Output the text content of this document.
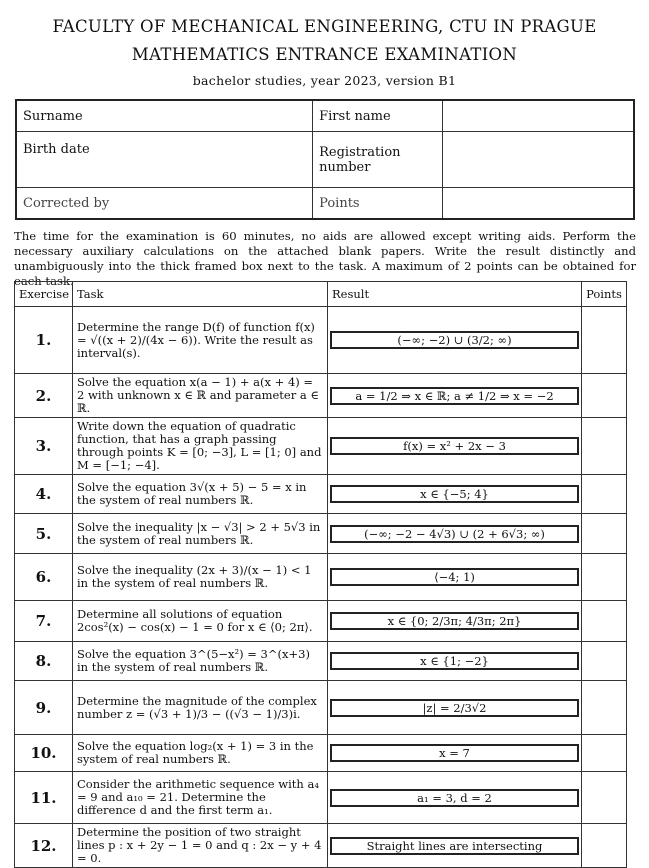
FACULTY OF MECHANICAL ENGINEERING, CTU IN PRAGUE
MATHEMATICS ENTRANCE EXAMINATION
bachelor studies, year 2023, version B1
Surname	First name	
Birth date	Registration number	
Corrected by	Points	
The time for the examination is 60 minutes, no aids are allowed except writing aids. Perform the necessary auxiliary calculations on the attached blank papers. Write the result distinctly and unambiguously into the thick framed box next to the task. A maximum of 2 points can be obtained for each task.
Exercise	Task	Result	Points
1.	Determine the range D(f) of function f(x) = √((x + 2)/(4x − 6)). Write the result as interval(s).	(−∞; −2) ∪ (3/2; ∞)	

2.	Solve the equation x(a − 1) + a(x + 4) = 2 with unknown x ∈ ℝ and parameter a ∈ ℝ.	a = 1/2 ⇒ x ∈ ℝ; a ≠ 1/2 ⇒ x = −2	

3.	Write down the equation of quadratic function, that has a graph passing through points K = [0; −3], L = [1; 0] and M = [−1; −4].	f(x) = x² + 2x − 3	

4.	Solve the equation 3√(x + 5) − 5 = x in the system of real numbers ℝ.	x ∈ {−5; 4}	

5.	Solve the inequality |x − √3| > 2 + 5√3 in the system of real numbers ℝ.	(−∞; −2 − 4√3) ∪ (2 + 6√3; ∞)	

6.	Solve the inequality (2x + 3)/(x − 1) < 1 in the system of real numbers ℝ.	⟨−4; 1)	

7.	Determine all solutions of equation 2cos²(x) − cos(x) − 1 = 0 for x ∈ ⟨0; 2π⟩.	x ∈ {0; 2/3π; 4/3π; 2π}	

8.	Solve the equation 3^(5−x²) = 3^(x+3) in the system of real numbers ℝ.	x ∈ {1; −2}	

9.	Determine the magnitude of the complex number z = (√3 + 1)/3 − ((√3 − 1)/3)i.	|z| = 2/3√2	

10.	Solve the equation log₂(x + 1) = 3 in the system of real numbers ℝ.	x = 7	

11.	Consider the arithmetic sequence with a₄ = 9 and a₁₀ = 21. Determine the difference d and the first term a₁.	a₁ = 3, d = 2	

12.	Determine the position of two straight lines p : x + 2y − 1 = 0 and q : 2x − y + 4 = 0.	Straight lines are intersecting	
